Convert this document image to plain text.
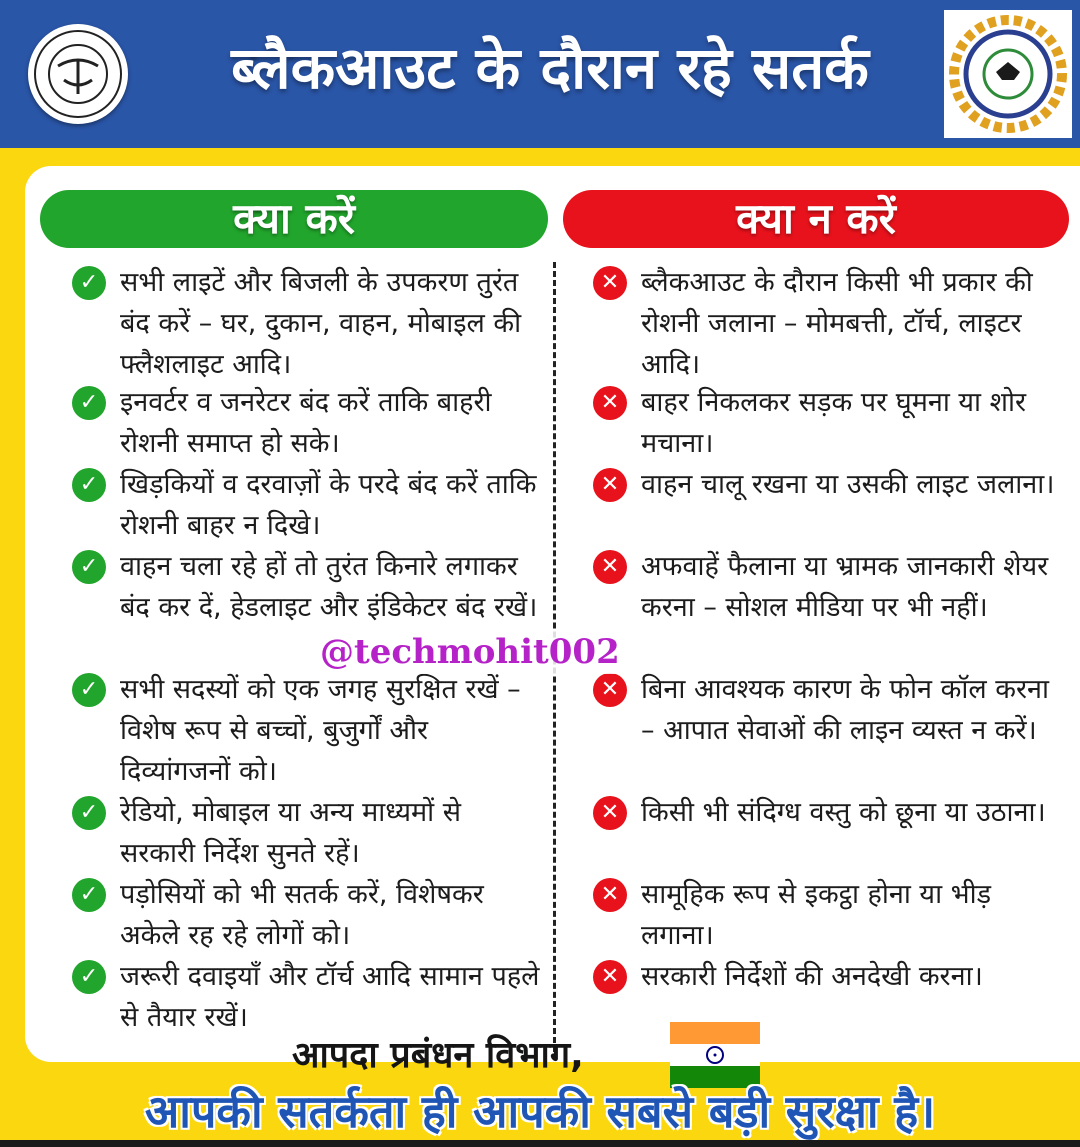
ब्लैकआउट के दौरान रहे सतर्क
क्या करें	क्या न करें
✓ सभी लाइटें और बिजली के उपकरण तुरंत बंद करें – घर, दुकान, वाहन, मोबाइल की फ्लैशलाइट आदि।
✓ इनवर्टर व जनरेटर बंद करें ताकि बाहरी रोशनी समाप्त हो सके।
✓ खिड़कियों व दरवाज़ों के परदे बंद करें ताकि रोशनी बाहर न दिखे।
✓ वाहन चला रहे हों तो तुरंत किनारे लगाकर बंद कर दें, हेडलाइट और इंडिकेटर बंद रखें।
✓ सभी सदस्यों को एक जगह सुरक्षित रखें – विशेष रूप से बच्चों, बुजुर्गों और दिव्यांगजनों को।
✓ रेडियो, मोबाइल या अन्य माध्यमों से सरकारी निर्देश सुनते रहें।
✓ पड़ोसियों को भी सतर्क करें, विशेषकर अकेले रह रहे लोगों को।
✓ जरूरी दवाइयाँ और टॉर्च आदि सामान पहले से तैयार रखें।
✕ ब्लैकआउट के दौरान किसी भी प्रकार की रोशनी जलाना – मोमबत्ती, टॉर्च, लाइटर आदि।
✕ बाहर निकलकर सड़क पर घूमना या शोर मचाना।
✕ वाहन चालू रखना या उसकी लाइट जलाना।
✕ अफवाहें फैलाना या भ्रामक जानकारी शेयर करना – सोशल मीडिया पर भी नहीं।
✕ बिना आवश्यक कारण के फोन कॉल करना – आपात सेवाओं की लाइन व्यस्त न करें।
✕ किसी भी संदिग्ध वस्तु को छूना या उठाना।
✕ सामूहिक रूप से इकट्ठा होना या भीड़ लगाना।
✕ सरकारी निर्देशों की अनदेखी करना।
@techmohit002
आपदा प्रबंधन विभाग,
आपकी सतर्कता ही आपकी सबसे बड़ी सुरक्षा है।
